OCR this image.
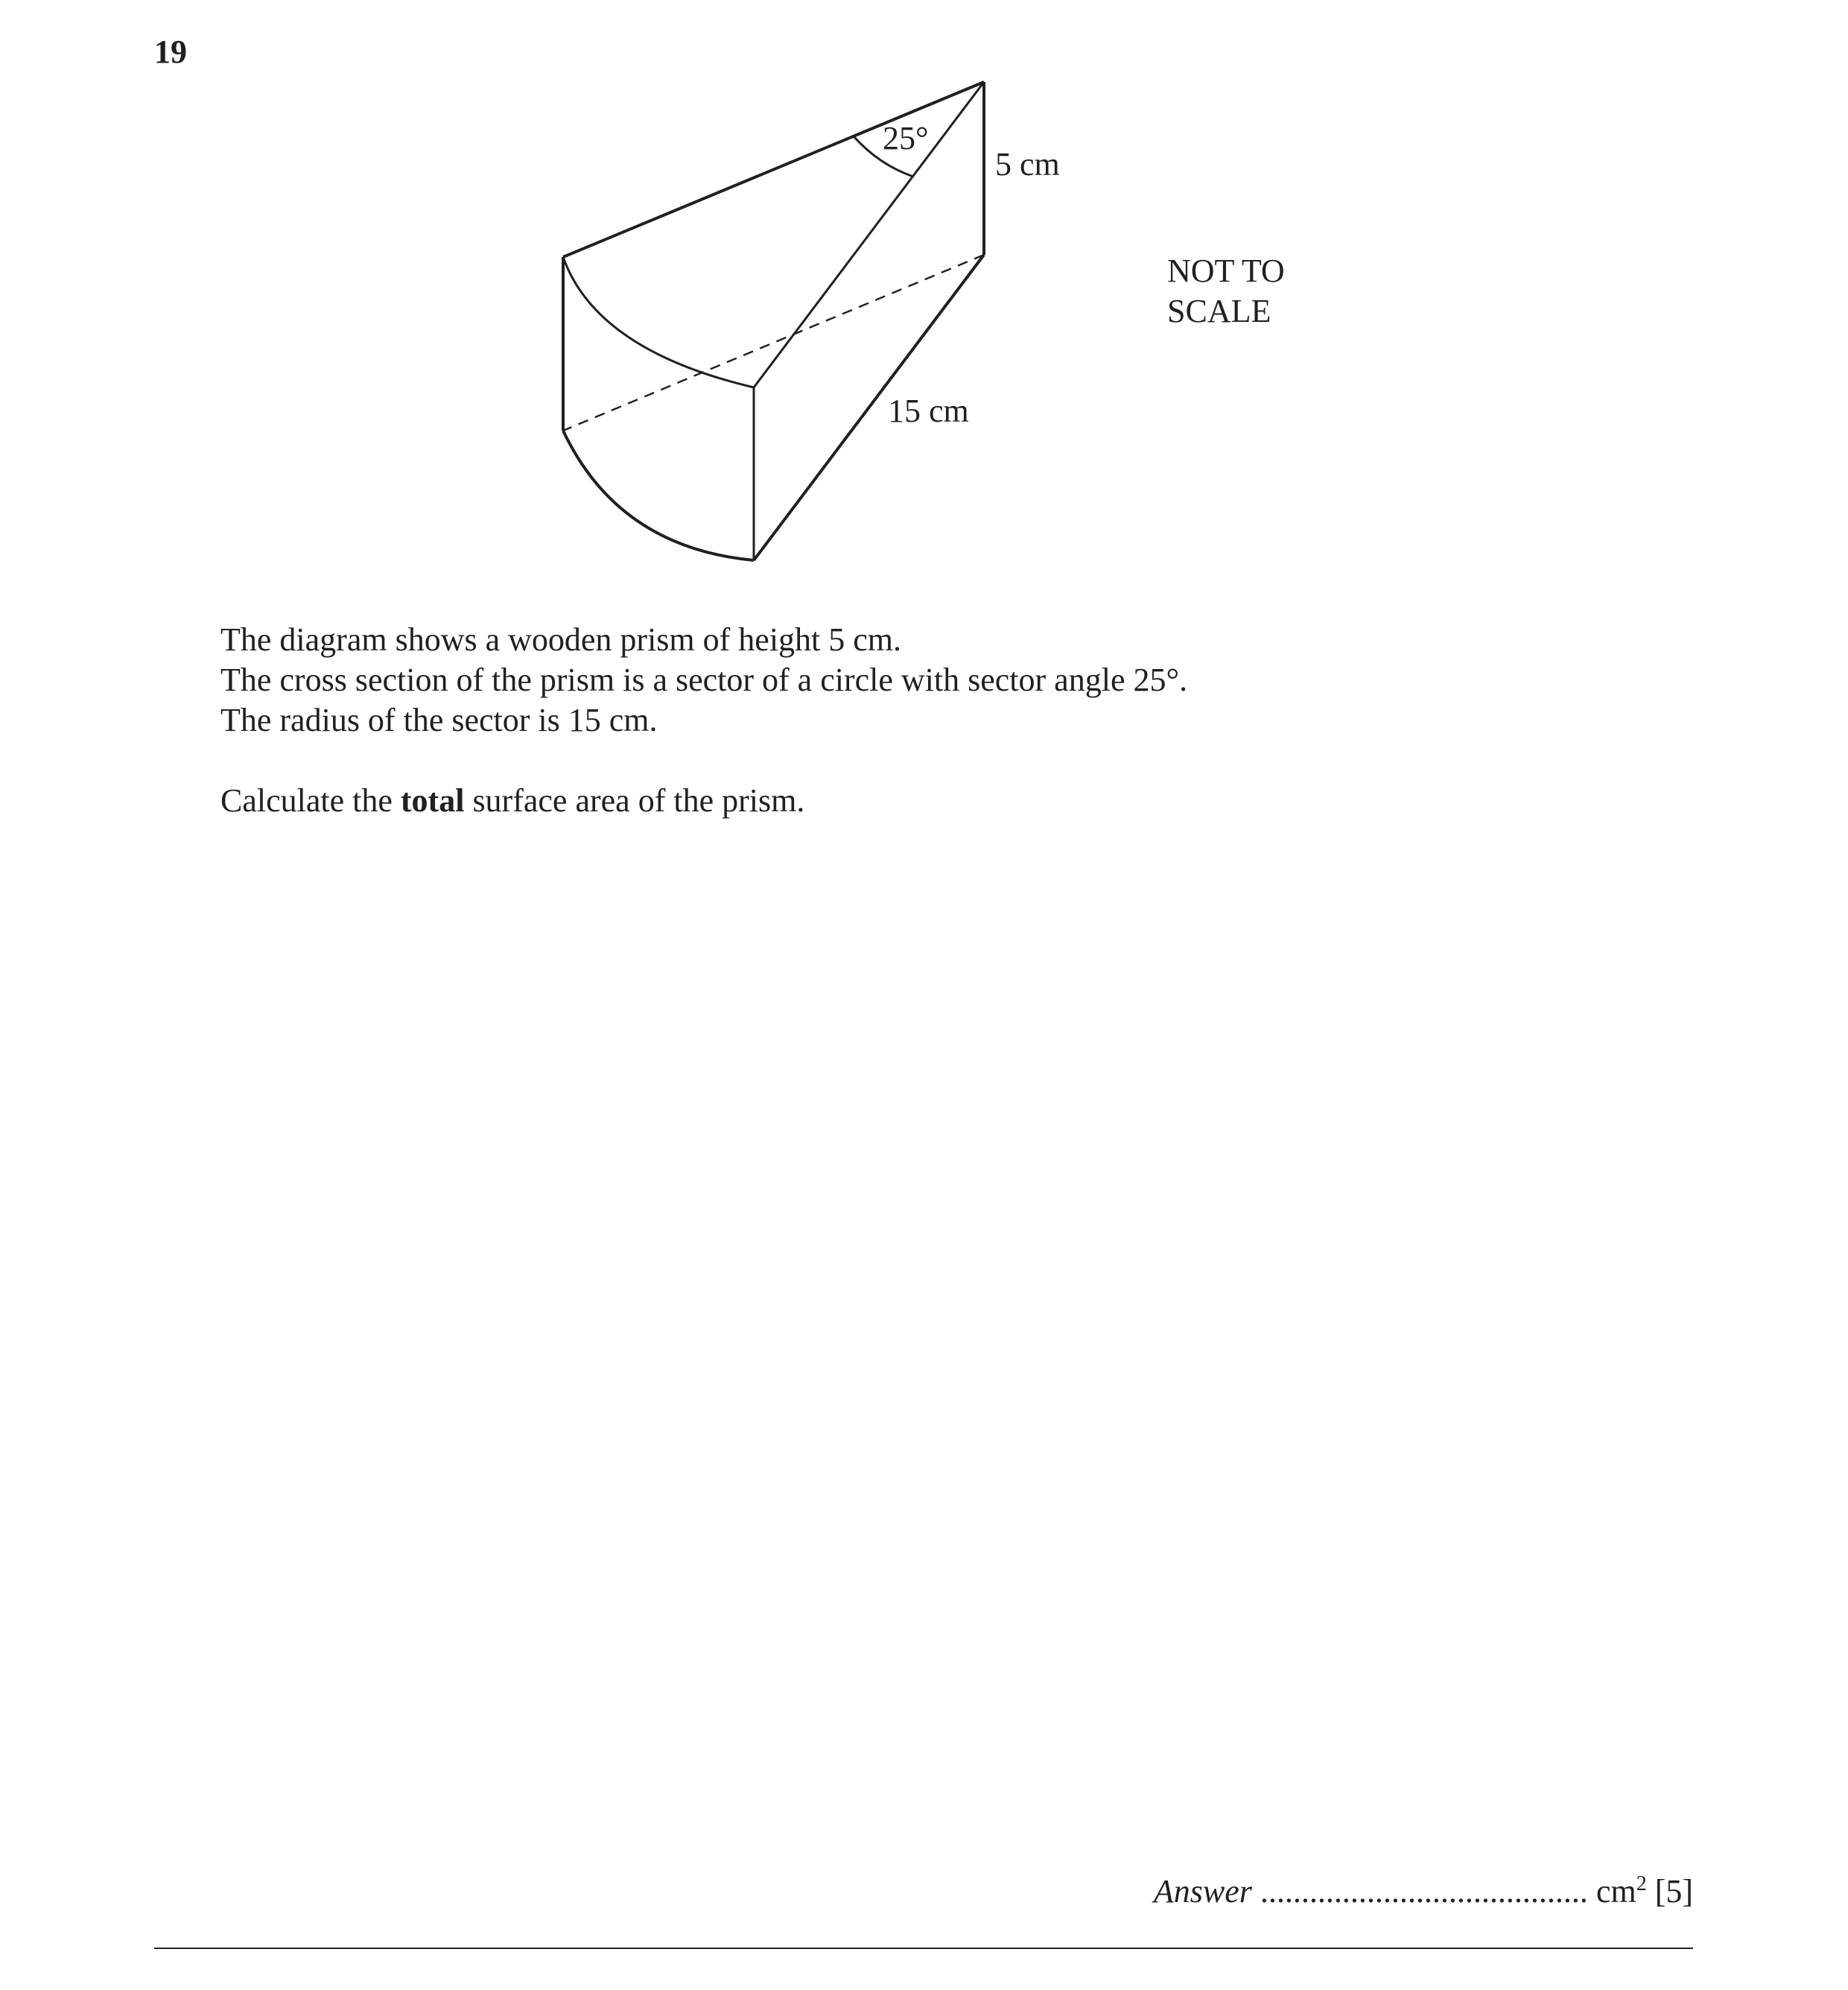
19
25°
5 cm
15 cm
NOT TO
SCALE

The diagram shows a wooden prism of height 5 cm.

The cross section of the prism is a sector of a circle with sector angle 25°.

The radius of the sector is 15 cm.

Calculate the total surface area of the prism.

Answer ........................................ $cm^2$ [5]
